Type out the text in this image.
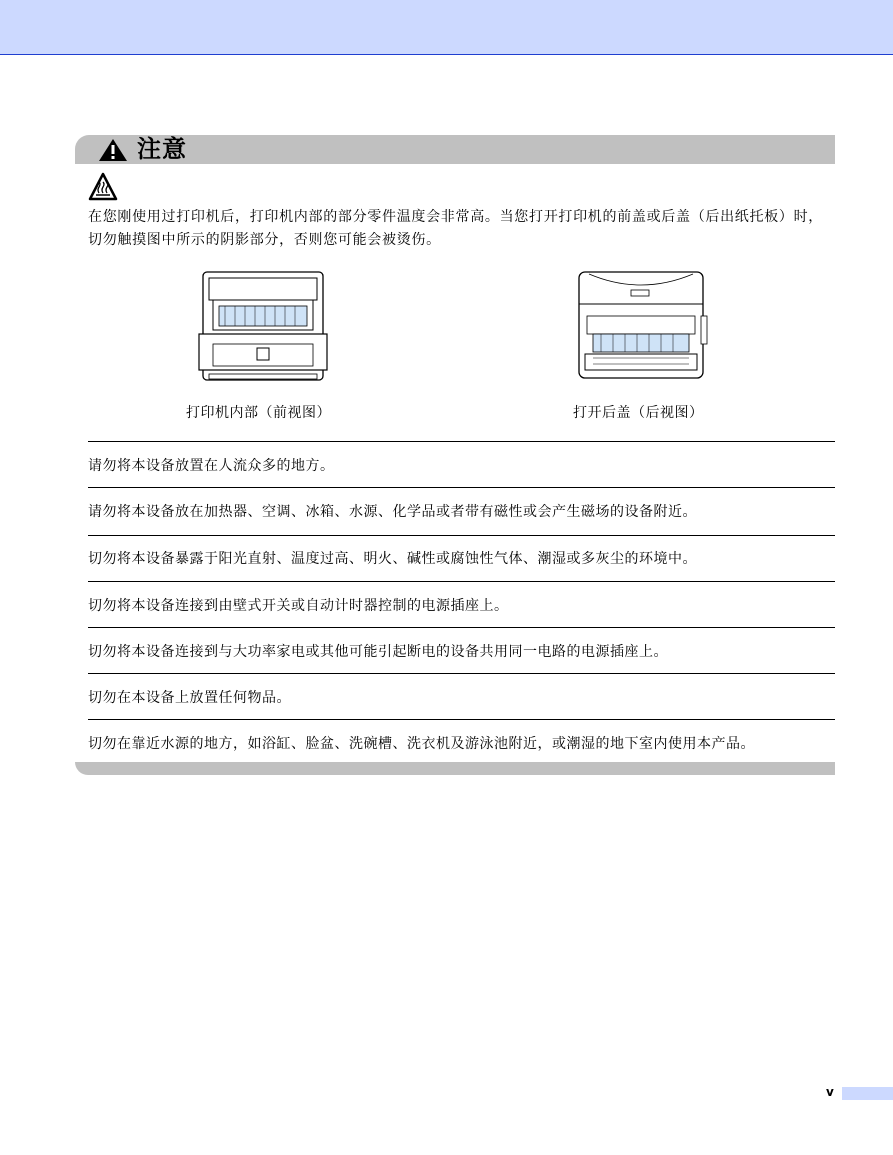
注意

在您刚使用过打印机后，打印机内部的部分零件温度会非常高。当您打开打印机的前盖或后盖（后出纸托板）时，切勿触摸图中所示的阴影部分，否则您可能会被烫伤。

打印机内部（前视图）	打开后盖（后视图）
请勿将本设备放置在人流众多的地方。
请勿将本设备放在加热器、空调、冰箱、水源、化学品或者带有磁性或会产生磁场的设备附近。
切勿将本设备暴露于阳光直射、温度过高、明火、碱性或腐蚀性气体、潮湿或多灰尘的环境中。
切勿将本设备连接到由壁式开关或自动计时器控制的电源插座上。
切勿将本设备连接到与大功率家电或其他可能引起断电的设备共用同一电路的电源插座上。
切勿在本设备上放置任何物品。
切勿在靠近水源的地方，如浴缸、脸盆、洗碗槽、洗衣机及游泳池附近，或潮湿的地下室内使用本产品。
v
